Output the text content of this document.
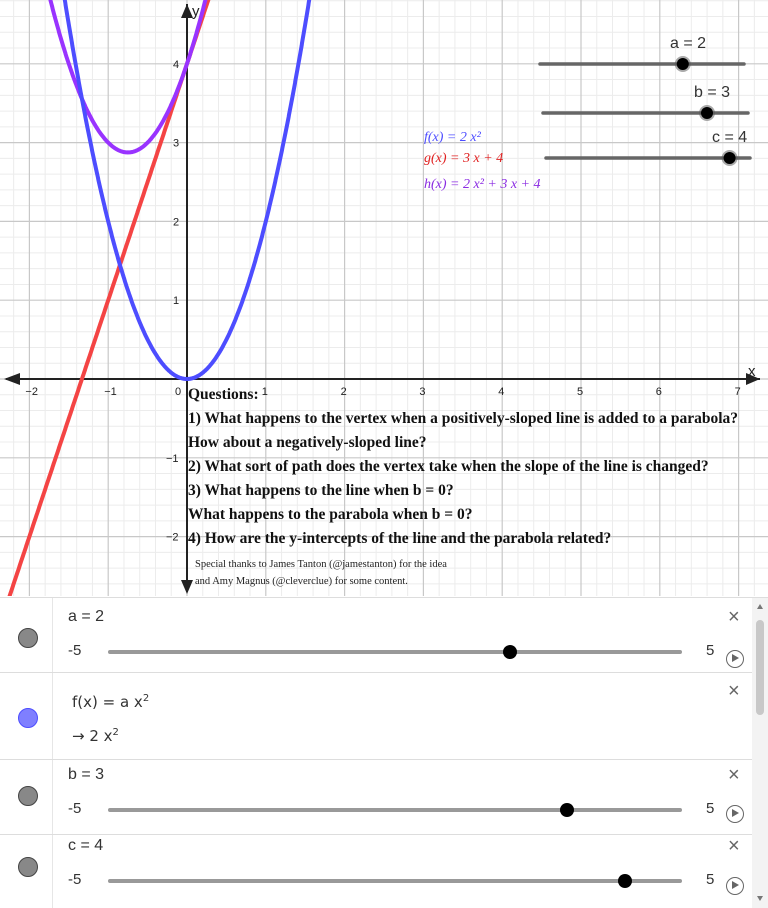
x
y
−2	−1	0	1	2	3	4	5	6	7
−2
−1
1
2
3
4
a = 2
b = 3
c = 4
f(x) = 2 x²
g(x) = 3 x + 4
h(x) = 2 x² + 3 x + 4
Questions:
1) What happens to the vertex when a positively-sloped line is added to a parabola?
How about a negatively-sloped line?
2) What sort of path does the vertex take when the slope of the line is changed?
3) What happens to the line when b = 0?
What happens to the parabola when b = 0?
4) How are the y-intercepts of the line and the parabola related?
Special thanks to James Tanton (@jamestanton) for the idea
and Amy Magnus (@cleverclue) for some content.
a = 2
-5	5
×
f(x) = a $x^2$
→ 2 $x^2$
×
b = 3
-5	5
×
c = 4
-5	5
×
